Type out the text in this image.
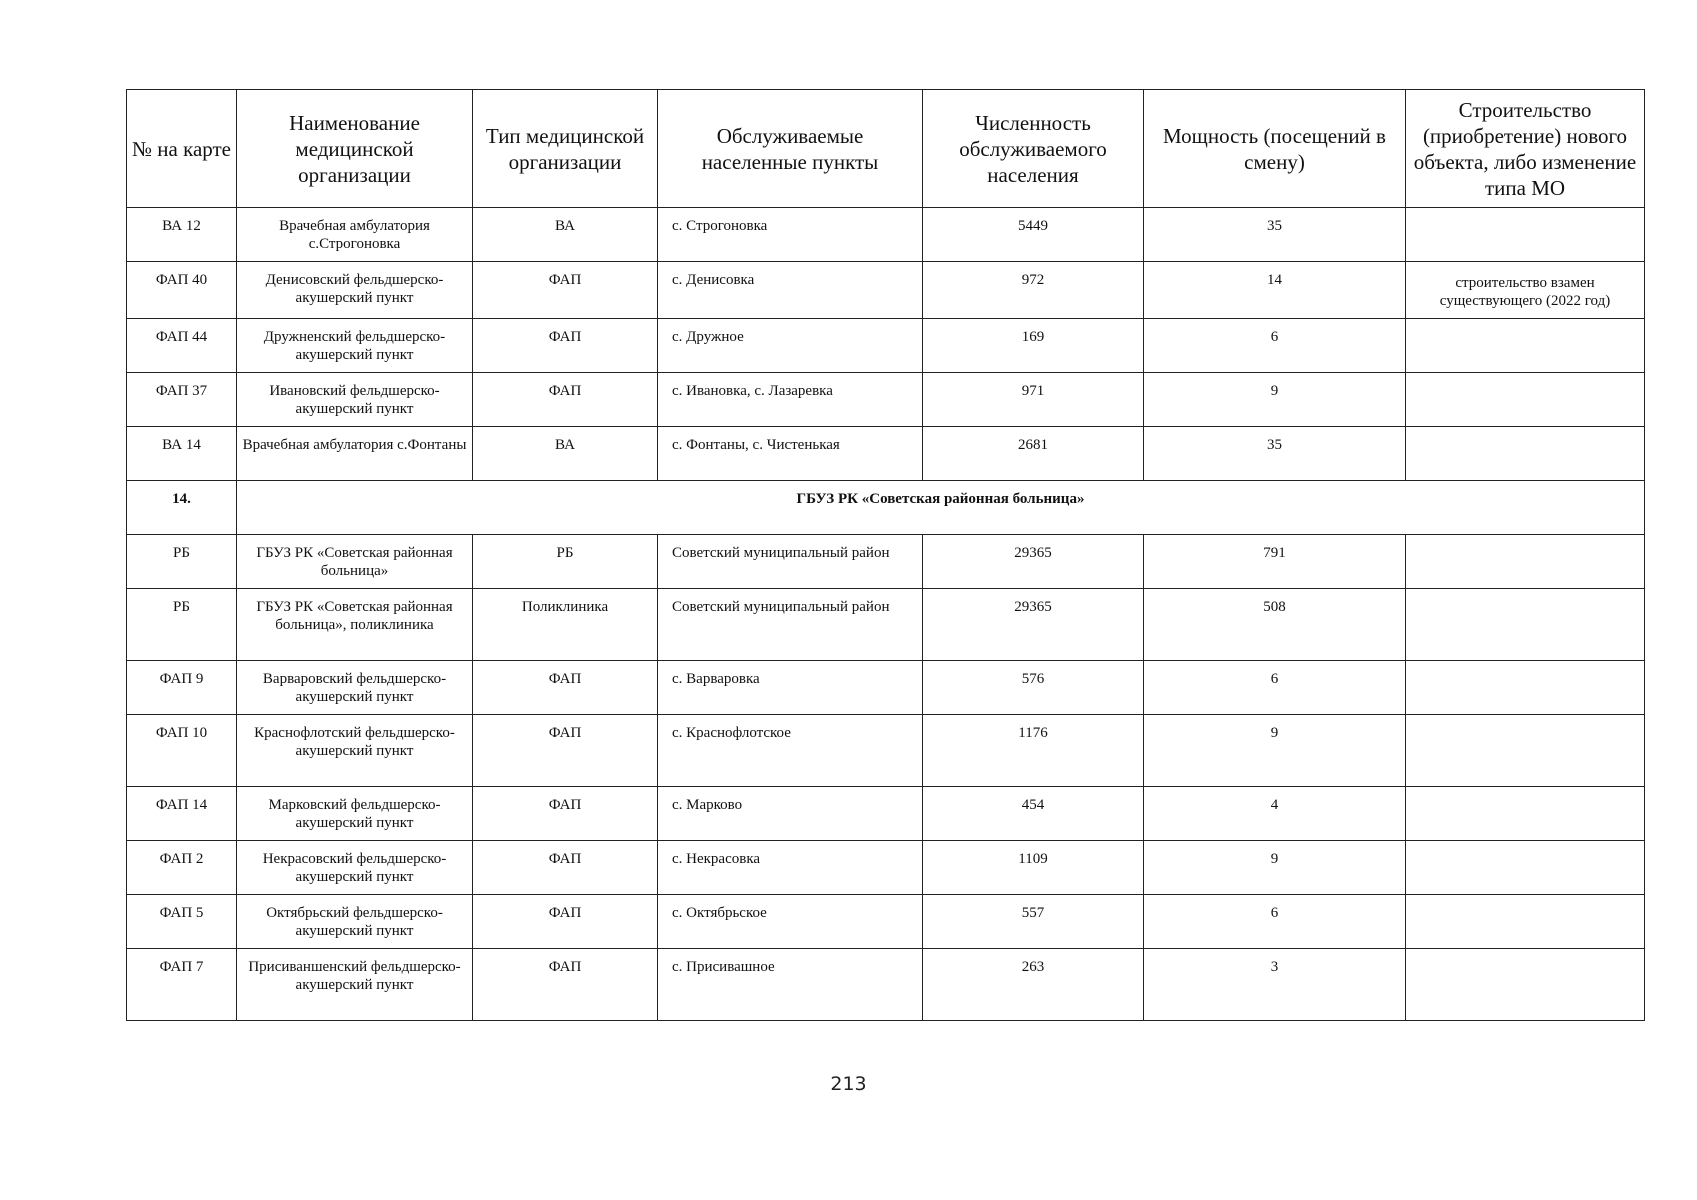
№ на карте	Наименование медицинской организации	Тип медицинской организации	Обслуживаемые населенные пункты	Численность обслуживаемого населения	Мощность (посещений в смену)	Строительство (приобретение) нового объекта, либо изменение типа МО
ВА 12	Врачебная амбулатория с.Строгоновка	ВА	с. Строгоновка	5449	35	
ФАП 40	Денисовский фельдшерско-акушерский пункт	ФАП	с. Денисовка	972	14	строительство взамен существующего (2022 год)
ФАП 44	Дружненский фельдшерско-акушерский пункт	ФАП	с. Дружное	169	6	
ФАП 37	Ивановский фельдшерско-акушерский пункт	ФАП	с. Ивановка, с. Лазаревка	971	9	
ВА 14	Врачебная амбулатория с.Фонтаны	ВА	с. Фонтаны, с. Чистенькая	2681	35	
14.	ГБУЗ РК «Советская районная больница»					
РБ	ГБУЗ РК «Советская районная больница»	РБ	Советский муниципальный район	29365	791	
РБ	ГБУЗ РК «Советская районная больница», поликлиника	Поликлиника	Советский муниципальный район	29365	508	
ФАП 9	Варваровский фельдшерско-акушерский пункт	ФАП	с. Варваровка	576	6	
ФАП 10	Краснофлотский фельдшерско- акушерский пункт	ФАП	с. Краснофлотское	1176	9	
ФАП 14	Марковский фельдшерско-акушерский пункт	ФАП	с. Марково	454	4	
ФАП 2	Некрасовский фельдшерско-акушерский пункт	ФАП	с. Некрасовка	1109	9	
ФАП 5	Октябрьский фельдшерско-акушерский пункт	ФАП	с. Октябрьское	557	6	
ФАП 7	Присиваншенский фельдшерско- акушерский пункт	ФАП	с. Присивашное	263	3	
213
